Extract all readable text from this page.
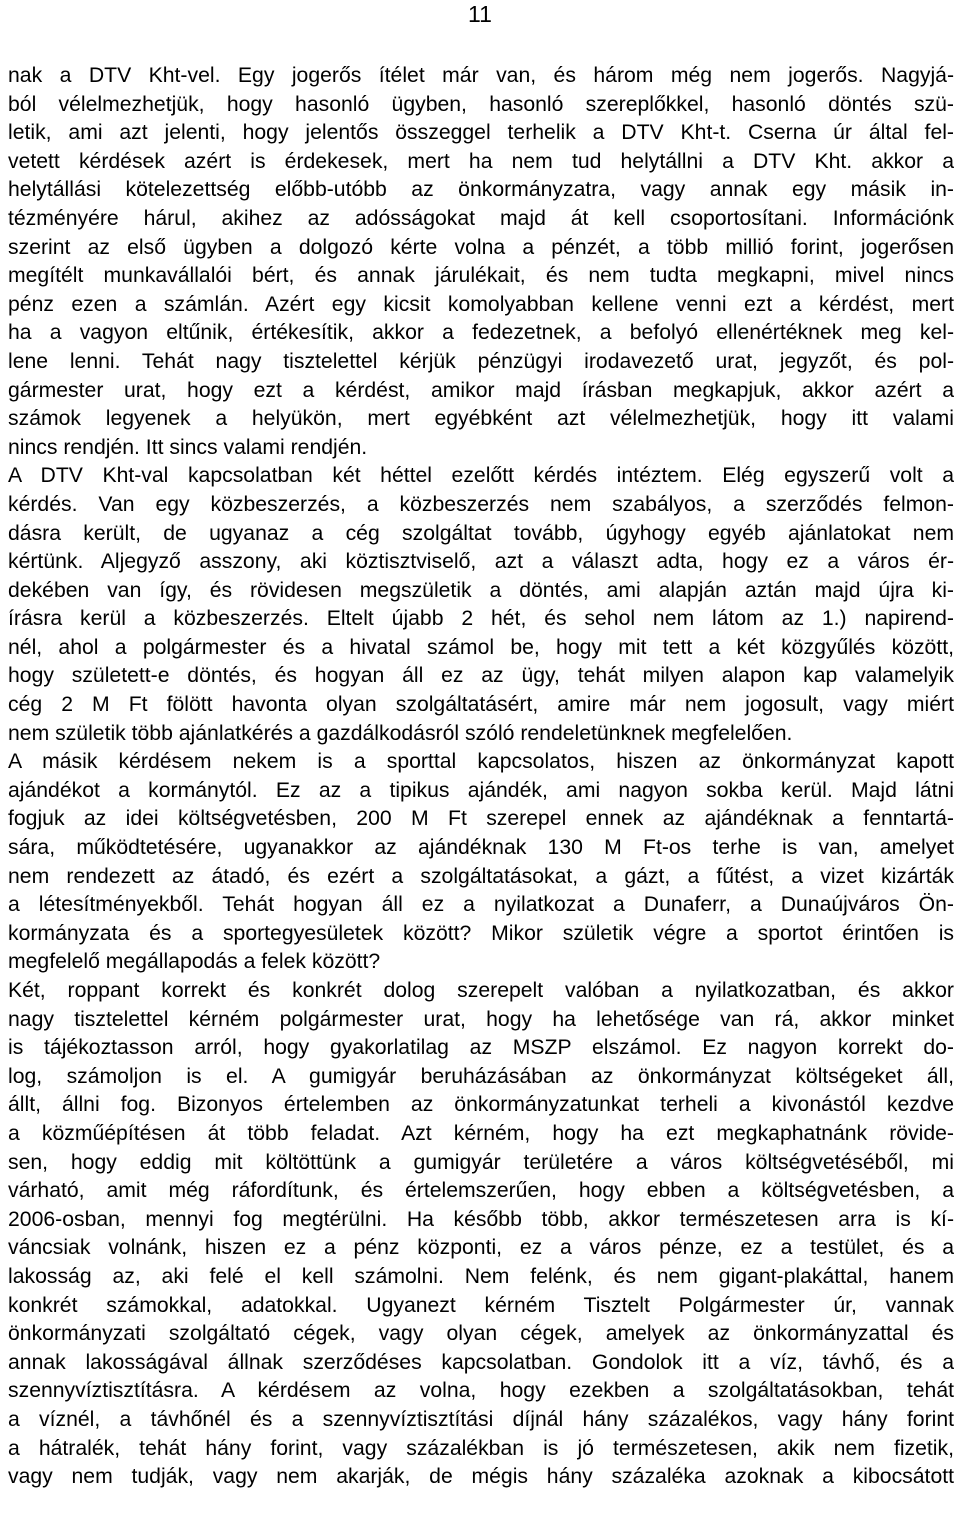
11
nak a DTV Kht-vel. Egy jogerős ítélet már van, és három még nem jogerős. Nagyjá-
ból vélelmezhetjük, hogy hasonló ügyben, hasonló szereplőkkel, hasonló döntés szü-
letik, ami azt jelenti, hogy jelentős összeggel terhelik a DTV Kht-t. Cserna úr által fel-
vetett kérdések azért is érdekesek, mert ha nem tud helytállni a DTV Kht. akkor a
helytállási kötelezettség előbb-utóbb az önkormányzatra, vagy annak egy másik in-
tézményére hárul, akihez az adósságokat majd át kell csoportosítani. Információnk
szerint az első ügyben a dolgozó kérte volna a pénzét, a több millió forint, jogerősen
megítélt munkavállalói bért, és annak járulékait, és nem tudta megkapni, mivel nincs
pénz ezen a számlán. Azért egy kicsit komolyabban kellene venni ezt a kérdést, mert
ha a vagyon eltűnik, értékesítik, akkor a fedezetnek, a befolyó ellenértéknek meg kel-
lene lenni. Tehát nagy tisztelettel kérjük pénzügyi irodavezető urat, jegyzőt, és pol-
gármester urat, hogy ezt a kérdést, amikor majd írásban megkapjuk, akkor azért a
számok legyenek a helyükön, mert egyébként azt vélelmezhetjük, hogy itt valami
nincs rendjén. Itt sincs valami rendjén.
A DTV Kht-val kapcsolatban két héttel ezelőtt kérdés intéztem. Elég egyszerű volt a
kérdés. Van egy közbeszerzés, a közbeszerzés nem szabályos, a szerződés felmon-
dásra került, de ugyanaz a cég szolgáltat tovább, úgyhogy egyéb ajánlatokat nem
kértünk. Aljegyző asszony, aki köztisztviselő, azt a választ adta, hogy ez a város ér-
dekében van így, és rövidesen megszületik a döntés, ami alapján aztán majd újra ki-
írásra kerül a közbeszerzés. Eltelt újabb 2 hét, és sehol nem látom az 1.) napirend-
nél, ahol a polgármester és a hivatal számol be, hogy mit tett a két közgyűlés között,
hogy született-e döntés, és hogyan áll ez az ügy, tehát milyen alapon kap valamelyik
cég 2 M Ft fölött havonta olyan szolgáltatásért, amire már nem jogosult, vagy miért
nem születik több ajánlatkérés a gazdálkodásról szóló rendeletünknek megfelelően.
A másik kérdésem nekem is a sporttal kapcsolatos, hiszen az önkormányzat kapott
ajándékot a kormánytól. Ez az a tipikus ajándék, ami nagyon sokba kerül. Majd látni
fogjuk az idei költségvetésben, 200 M Ft szerepel ennek az ajándéknak a fenntartá-
sára, működtetésére, ugyanakkor az ajándéknak 130 M Ft-os terhe is van, amelyet
nem rendezett az átadó, és ezért a szolgáltatásokat, a gázt, a fűtést, a vizet kizárták
a létesítményekből. Tehát hogyan áll ez a nyilatkozat a Dunaferr, a Dunaújváros Ön-
kormányzata és a sportegyesületek között? Mikor születik végre a sportot érintően is
megfelelő megállapodás a felek között?
Két, roppant korrekt és konkrét dolog szerepelt valóban a nyilatkozatban, és akkor
nagy tisztelettel kérném polgármester urat, hogy ha lehetősége van rá, akkor minket
is tájékoztasson arról, hogy gyakorlatilag az MSZP elszámol. Ez nagyon korrekt do-
log, számoljon is el. A gumigyár beruházásában az önkormányzat költségeket áll,
állt, állni fog. Bizonyos értelemben az önkormányzatunkat terheli a kivonástól kezdve
a közműépítésen át több feladat. Azt kérném, hogy ha ezt megkaphatnánk rövide-
sen, hogy eddig mit költöttünk a gumigyár területére a város költségvetéséből, mi
várható, amit még ráfordítunk, és értelemszerűen, hogy ebben a költségvetésben, a
2006-osban, mennyi fog megtérülni. Ha később több, akkor természetesen arra is kí-
váncsiak volnánk, hiszen ez a pénz központi, ez a város pénze, ez a testület, és a
lakosság az, aki felé el kell számolni. Nem felénk, és nem gigant-plakáttal, hanem
konkrét számokkal, adatokkal. Ugyanezt kérném Tisztelt Polgármester úr, vannak
önkormányzati szolgáltató cégek, vagy olyan cégek, amelyek az önkormányzattal és
annak lakosságával állnak szerződéses kapcsolatban. Gondolok itt a víz, távhő, és a
szennyvíztisztításra. A kérdésem az volna, hogy ezekben a szolgáltatásokban, tehát
a víznél, a távhőnél és a szennyvíztisztítási díjnál hány százalékos, vagy hány forint
a hátralék, tehát hány forint, vagy százalékban is jó természetesen, akik nem fizetik,
vagy nem tudják, vagy nem akarják, de mégis hány százaléka azoknak a kibocsátott
